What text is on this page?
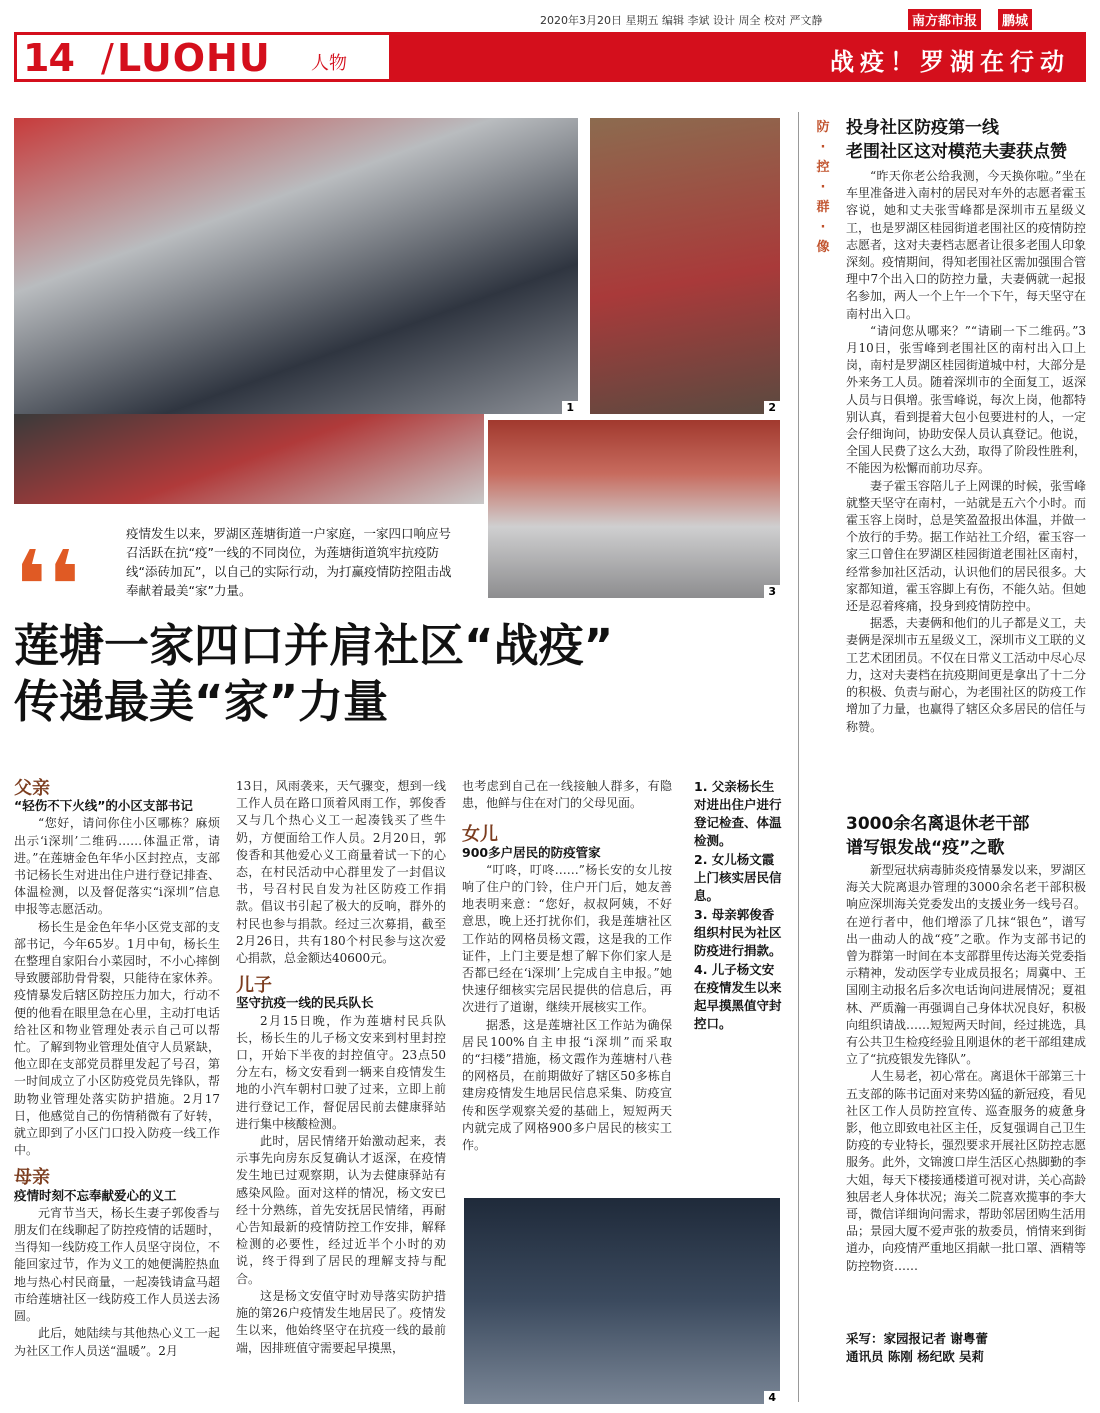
2020年3月20日 星期五 编辑 李斌 设计 周全 校对 严文静	南方都市报	鹏城
14 / LUOHU 人物	战疫！罗湖在行动
1	2
3
4
❛❛	疫情发生以来，罗湖区莲塘街道一户家庭，一家四口响应号召活跃在抗“疫”一线的不同岗位，为莲塘街道筑牢抗疫防线“添砖加瓦”，以自己的实际行动，为打赢疫情防控阻击战奉献着最美“家”力量。
莲塘一家四口并肩社区“战疫”
传递最美“家”力量
父亲
“轻伤不下火线”的小区支部书记

“您好，请问你住小区哪栋？麻烦出示‘i深圳’二维码……体温正常，请进。”在莲塘金色年华小区封控点，支部书记杨长生对进出住户进行登记排查、体温检测，以及督促落实“i深圳”信息申报等志愿活动。

杨长生是金色年华小区党支部的支部书记，今年65岁。1月中旬，杨长生在整理自家阳台小菜园时，不小心摔倒导致腰部肋骨骨裂，只能待在家休养。疫情暴发后辖区防控压力加大，行动不便的他看在眼里急在心里，主动打电话给社区和物业管理处表示自己可以帮忙。了解到物业管理处值守人员紧缺，他立即在支部党员群里发起了号召，第一时间成立了小区防疫党员先锋队，帮助物业管理处落实防护措施。2月17日，他感觉自己的伤情稍微有了好转，就立即到了小区门口投入防疫一线工作中。

母亲
疫情时刻不忘奉献爱心的义工

元宵节当天，杨长生妻子郭俊香与朋友们在线聊起了防控疫情的话题时，当得知一线防疫工作人员坚守岗位，不能回家过节，作为义工的她便满腔热血地与热心村民商量，一起凑钱请盒马超市给莲塘社区一线防疫工作人员送去汤圆。

此后，她陆续与其他热心义工一起为社区工作人员送“温暖”。2月

13日，风雨袭来，天气骤变，想到一线工作人员在路口顶着风雨工作，郭俊香又与几个热心义工一起凑钱买了些牛奶，方便面给工作人员。2月20日，郭俊香和其他爱心义工商量着试一下的心态，在村民活动中心群里发了一封倡议书，号召村民自发为社区防疫工作捐款。倡议书引起了极大的反响，群外的村民也参与捐款。经过三次募捐，截至2月26日，共有180个村民参与这次爱心捐款，总金额达40600元。

儿子
坚守抗疫一线的民兵队长

2月15日晚，作为莲塘村民兵队长，杨长生的儿子杨文安来到村里封控口，开始下半夜的封控值守。23点50分左右，杨文安看到一辆来自疫情发生地的小汽车朝村口驶了过来，立即上前进行登记工作，督促居民前去健康驿站进行集中核酸检测。

此时，居民情绪开始激动起来，表示事先向房东反复确认才返深，在疫情发生地已过观察期，认为去健康驿站有感染风险。面对这样的情况，杨文安已经十分熟练，首先安抚居民情绪，再耐心告知最新的疫情防控工作安排，解释检测的必要性，经过近半个小时的劝说，终于得到了居民的理解支持与配合。

这是杨文安值守时劝导落实防护措施的第26户疫情发生地居民了。疫情发生以来，他始终坚守在抗疫一线的最前端，因排班值守需要起早摸黑，

也考虑到自己在一线接触人群多，有隐患，他鲜与住在对门的父母见面。

女儿
900多户居民的防疫管家

“叮咚，叮咚……”杨长安的女儿按响了住户的门铃，住户开门后，她友善地表明来意：“您好，叔叔阿姨，不好意思，晚上还打扰你们，我是莲塘社区工作站的网格员杨文霞，这是我的工作证件，上门主要是想了解下你们家人是否都已经在‘i深圳’上完成自主申报。”她快速仔细核实完居民提供的信息后，再次进行了道谢，继续开展核实工作。

据悉，这是莲塘社区工作站为确保居民100%自主申报“i深圳”而采取的“扫楼”措施，杨文霞作为莲塘村八巷的网格员，在前期做好了辖区50多栋自建房疫情发生地居民信息采集、防疫宣传和医学观察关爱的基础上，短短两天内就完成了网格900多户居民的核实工作。

1. 父亲杨长生对进出住户进行登记检查、体温检测。
2. 女儿杨文霞上门核实居民信息。
3. 母亲郭俊香组织村民为社区防疫进行捐款。
4. 儿子杨文安在疫情发生以来起早摸黑值守封控口。
防
·
控
·
群
·
像
投身社区防疫第一线
老围社区这对模范夫妻获点赞

“昨天你老公给我测，今天换你啦。”坐在车里准备进入南村的居民对车外的志愿者霍玉容说，她和丈夫张雪峰都是深圳市五星级义工，也是罗湖区桂园街道老围社区的疫情防控志愿者，这对夫妻档志愿者让很多老围人印象深刻。疫情期间，得知老围社区需加强围合管理中7个出入口的防控力量，夫妻俩就一起报名参加，两人一个上午一个下午，每天坚守在南村出入口。

“请问您从哪来？”“请刷一下二维码。”3月10日，张雪峰到老围社区的南村出入口上岗，南村是罗湖区桂园街道城中村，大部分是外来务工人员。随着深圳市的全面复工，返深人员与日俱增。张雪峰说，每次上岗，他都特别认真，看到提着大包小包要进村的人，一定会仔细询问，协助安保人员认真登记。他说，全国人民费了这么大劲，取得了阶段性胜利，不能因为松懈而前功尽弃。

妻子霍玉容陪儿子上网课的时候，张雪峰就整天坚守在南村，一站就是五六个小时。而霍玉容上岗时，总是笑盈盈报出体温，并做一个放行的手势。据工作站社工介绍，霍玉容一家三口曾住在罗湖区桂园街道老围社区南村，经常参加社区活动，认识他们的居民很多。大家都知道，霍玉容脚上有伤，不能久站。但她还是忍着疼痛，投身到疫情防控中。

据悉，夫妻俩和他们的儿子都是义工，夫妻俩是深圳市五星级义工，深圳市义工联的义工艺术团团员。不仅在日常义工活动中尽心尽力，这对夫妻档在抗疫期间更是拿出了十二分的积极、负责与耐心，为老围社区的防疫工作增加了力量，也赢得了辖区众多居民的信任与称赞。

3000余名离退休老干部
谱写银发战“疫”之歌

新型冠状病毒肺炎疫情暴发以来，罗湖区海关大院离退办管理的3000余名老干部积极响应深圳海关党委发出的支援业务一线号召。在逆行者中，他们增添了几抹“银色”，谱写出一曲动人的战“疫”之歌。作为支部书记的曾为群第一时间在本支部群里传达海关党委指示精神，发动医学专业成员报名；周冀中、王国刚主动报名后多次电话询问进展情况；夏祖林、严质瀚一再强调自己身体状况良好，积极向组织请战……短短两天时间，经过挑选，具有公共卫生检疫经验且刚退休的老干部组建成立了“抗疫银发先锋队”。

人生易老，初心常在。离退休干部第三十五支部的陈书记面对来势凶猛的新冠疫，看见社区工作人员防控宣传、巡查服务的疲惫身影，他立即致电社区主任，反复强调自己卫生防疫的专业特长，强烈要求开展社区防控志愿服务。此外，文锦渡口岸生活区心热脚勤的李大姐，每天下楼接通楼道可视对讲，关心高龄独居老人身体状况；海关二院喜欢揽事的李大哥，微信详细询问需求，帮助邻居团购生活用品；景园大厦不爱声张的敖委员，悄情来到街道办，向疫情严重地区捐献一批口罩、酒精等防控物资……

采写：家园报记者 谢粤蕾
通讯员 陈刚 杨纪欧 吴莉
